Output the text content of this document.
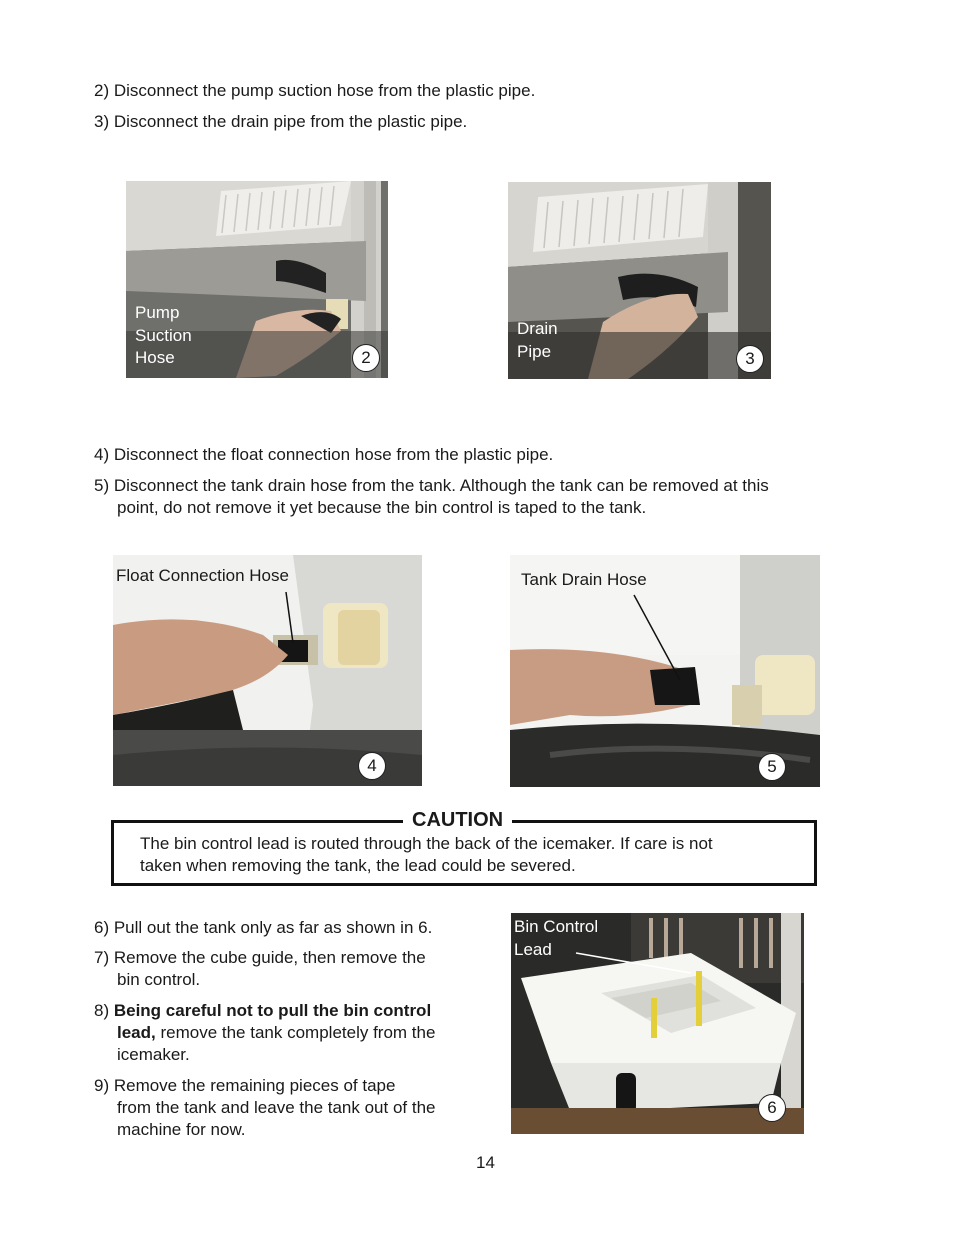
2) Disconnect the pump suction hose from the plastic pipe.

3) Disconnect the drain pipe from the plastic pipe.

Pump
Suction
Hose	2
Drain
Pipe	3

4) Disconnect the float connection hose from the plastic pipe.

5) Disconnect the tank drain hose from the tank. Although the tank can be removed at this
point, do not remove it yet because the bin control is taped to the tank.
Float Connection Hose
4
Tank Drain Hose
5
CAUTION
The bin control lead is routed through the back of the icemaker. If care is not
taken when removing the tank, the lead could be severed.

6) Pull out the tank only as far as shown in 6.

7) Remove the cube guide, then remove the
bin control.
8) Being careful not to pull the bin control
lead, remove the tank completely from the
icemaker.
9) Remove the remaining pieces of tape
from the tank and leave the tank out of the
machine for now.
Bin Control
Lead
6
14
